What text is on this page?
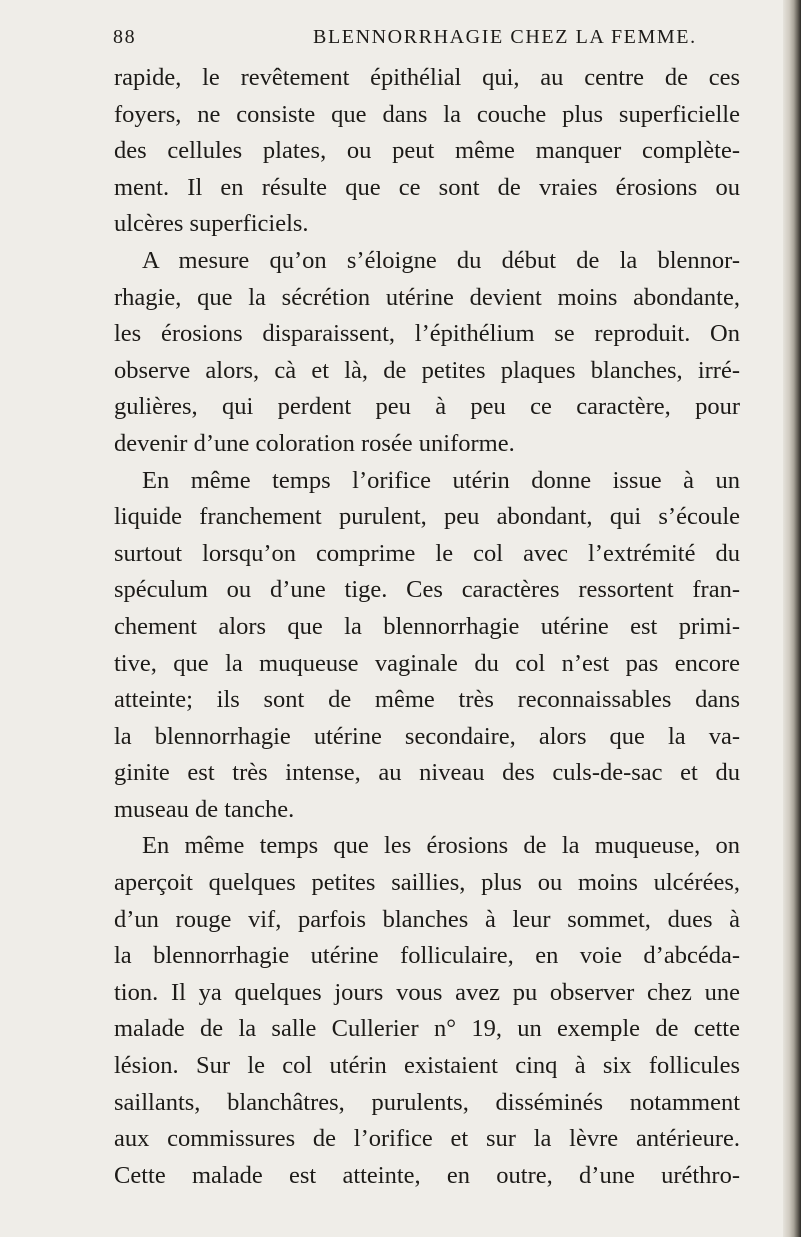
88	BLENNORRHAGIE CHEZ LA FEMME.
rapide, le revêtement épithélial qui, au centre de ces
foyers, ne consiste que dans la couche plus superficielle
des cellules plates, ou peut même manquer complète-
ment. Il en résulte que ce sont de vraies érosions ou
ulcères superficiels.
A mesure qu’on s’éloigne du début de la blennor-
rhagie, que la sécrétion utérine devient moins abondante,
les érosions disparaissent, l’épithélium se reproduit. On
observe alors, cà et là, de petites plaques blanches, irré-
gulières, qui perdent peu à peu ce caractère, pour
devenir d’une coloration rosée uniforme.
En même temps l’orifice utérin donne issue à un
liquide franchement purulent, peu abondant, qui s’écoule
surtout lorsqu’on comprime le col avec l’extrémité du
spéculum ou d’une tige. Ces caractères ressortent fran-
chement alors que la blennorrhagie utérine est primi-
tive, que la muqueuse vaginale du col n’est pas encore
atteinte; ils sont de même très reconnaissables dans
la blennorrhagie utérine secondaire, alors que la va-
ginite est très intense, au niveau des culs-de-sac et du
museau de tanche.
En même temps que les érosions de la muqueuse, on
aperçoit quelques petites saillies, plus ou moins ulcérées,
d’un rouge vif, parfois blanches à leur sommet, dues à
la blennorrhagie utérine folliculaire, en voie d’abcéda-
tion. Il ya quelques jours vous avez pu observer chez une
malade de la salle Cullerier n° 19, un exemple de cette
lésion. Sur le col utérin existaient cinq à six follicules
saillants, blanchâtres, purulents, disséminés notamment
aux commissures de l’orifice et sur la lèvre antérieure.
Cette malade est atteinte, en outre, d’une uréthro-
